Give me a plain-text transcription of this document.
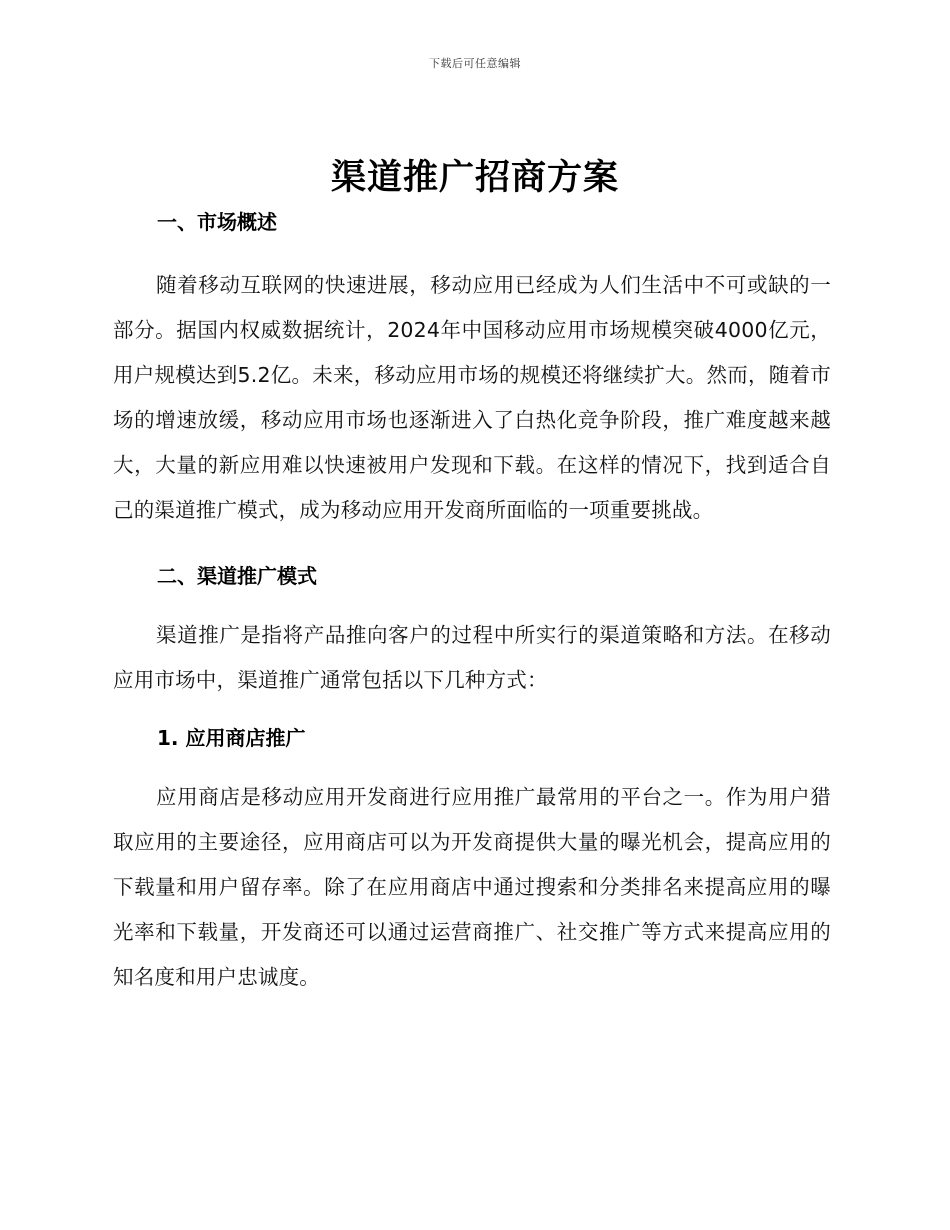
下载后可任意编辑
渠道推广招商方案
一、市场概述

随着移动互联网的快速进展，移动应用已经成为人们生活中不可或缺的一部分。据国内权威数据统计，2024年中国移动应用市场规模突破4000亿元，用户规模达到5.2亿。未来，移动应用市场的规模还将继续扩大。然而，随着市场的增速放缓，移动应用市场也逐渐进入了白热化竞争阶段，推广难度越来越大，大量的新应用难以快速被用户发现和下载。在这样的情况下，找到适合自己的渠道推广模式，成为移动应用开发商所面临的一项重要挑战。

二、渠道推广模式

渠道推广是指将产品推向客户的过程中所实行的渠道策略和方法。在移动应用市场中，渠道推广通常包括以下几种方式：

1. 应用商店推广

应用商店是移动应用开发商进行应用推广最常用的平台之一。作为用户猎取应用的主要途径，应用商店可以为开发商提供大量的曝光机会，提高应用的下载量和用户留存率。除了在应用商店中通过搜索和分类排名来提高应用的曝光率和下载量，开发商还可以通过运营商推广、社交推广等方式来提高应用的知名度和用户忠诚度。
